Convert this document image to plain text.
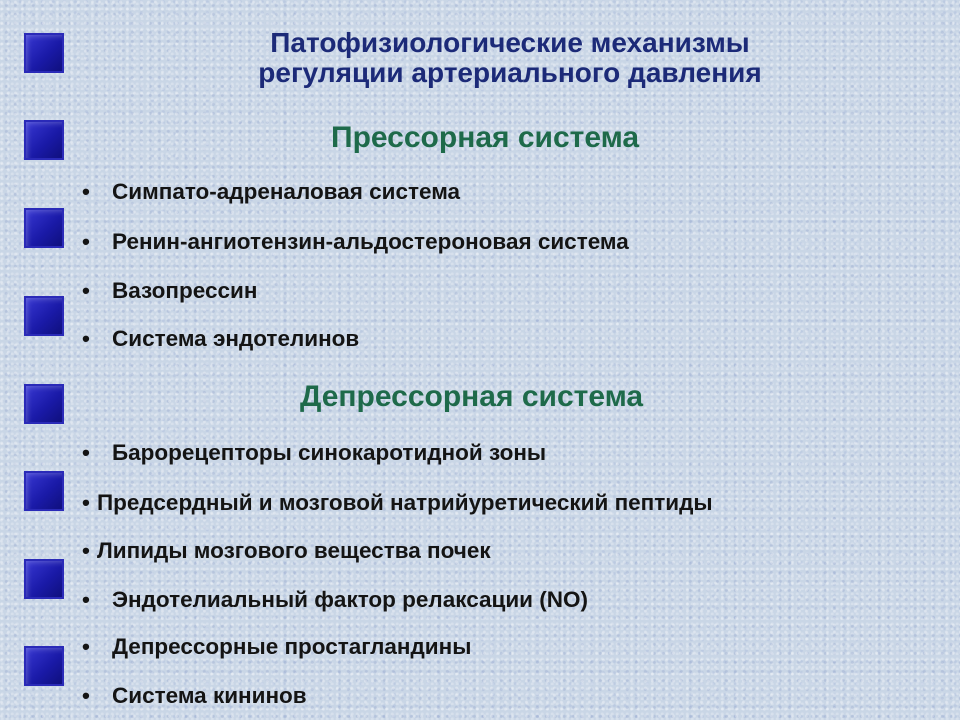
Патофизиологические механизмы
регуляции артериального давления
Прессорная система
• Симпато-адреналовая система
• Ренин-ангиотензин-альдостероновая система
• Вазопрессин
• Система эндотелинов
Депрессорная система
• Барорецепторы синокаротидной зоны
• Предсердный и мозговой натрийуретический пептиды
• Липиды мозгового вещества почек
• Эндотелиальный фактор релаксации (NO)
• Депрессорные простагландины
• Система кининов
